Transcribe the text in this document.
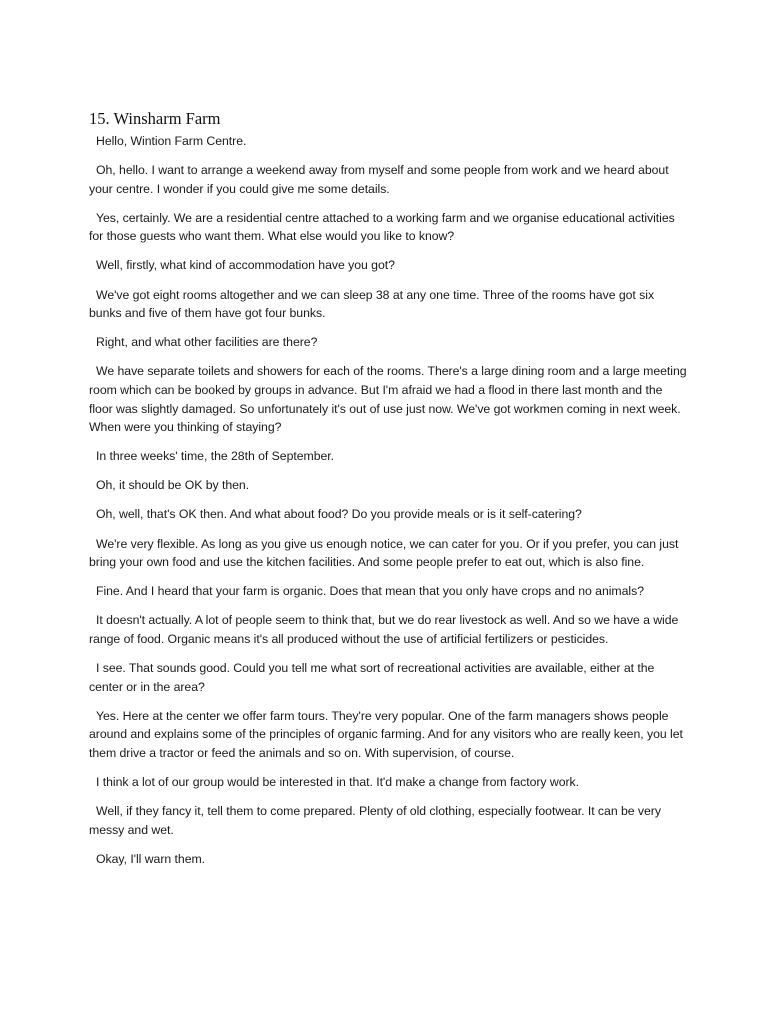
15. Winsharm Farm

Hello, Wintion Farm Centre.

Oh, hello. I want to arrange a weekend away from myself and some people from work and we heard about your centre. I wonder if you could give me some details.

Yes, certainly. We are a residential centre attached to a working farm and we organise educational activities for those guests who want them. What else would you like to know?

Well, firstly, what kind of accommodation have you got?

We've got eight rooms altogether and we can sleep 38 at any one time. Three of the rooms have got six bunks and five of them have got four bunks.

Right, and what other facilities are there?

We have separate toilets and showers for each of the rooms. There's a large dining room and a large meeting room which can be booked by groups in advance. But I'm afraid we had a flood in there last month and the floor was slightly damaged. So unfortunately it's out of use just now. We've got workmen coming in next week. When were you thinking of staying?

In three weeks' time, the 28th of September.

Oh, it should be OK by then.

Oh, well, that's OK then. And what about food? Do you provide meals or is it self-catering?

We're very flexible. As long as you give us enough notice, we can cater for you. Or if you prefer, you can just bring your own food and use the kitchen facilities. And some people prefer to eat out, which is also fine.

Fine. And I heard that your farm is organic. Does that mean that you only have crops and no animals?

It doesn't actually. A lot of people seem to think that, but we do rear livestock as well. And so we have a wide range of food. Organic means it's all produced without the use of artificial fertilizers or pesticides.

I see. That sounds good. Could you tell me what sort of recreational activities are available, either at the center or in the area?

Yes. Here at the center we offer farm tours. They're very popular. One of the farm managers shows people around and explains some of the principles of organic farming. And for any visitors who are really keen, you let them drive a tractor or feed the animals and so on. With supervision, of course.

I think a lot of our group would be interested in that. It'd make a change from factory work.

Well, if they fancy it, tell them to come prepared. Plenty of old clothing, especially footwear. It can be very messy and wet.

Okay, I'll warn them.
